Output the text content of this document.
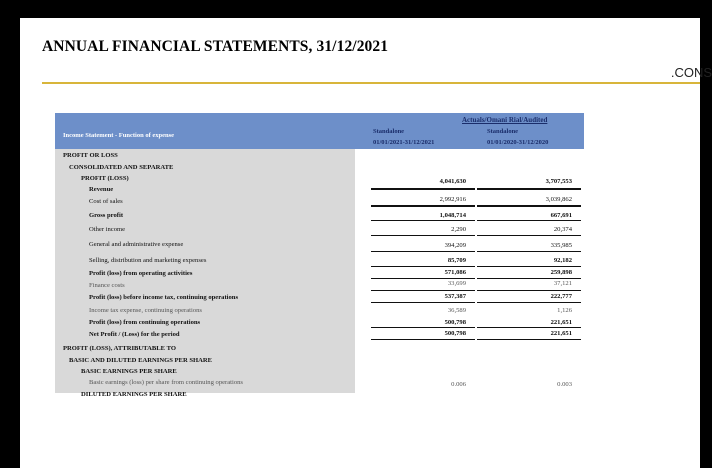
ANNUAL FINANCIAL STATEMENTS, 31/12/2021
.CONS
Income Statement - Function of expense
Actuals/Omani Rial/Audited
Standalone
01/01/2021-31/12/2021
Standalone
01/01/2020-31/12/2020
PROFIT OR LOSS
CONSOLIDATED AND SEPARATE
PROFIT (LOSS)
Revenue
Cost of sales
Gross profit
Other income
General and administrative expense
Selling, distribution and marketing expenses
Profit (loss) from operating activities
Finance costs
Profit (loss) before income tax, continuing operations
Income tax expense, continuing operations
Profit (loss) from continuing operations
Net Profit / (Loss) for the period
PROFIT (LOSS), ATTRIBUTABLE TO
BASIC AND DILUTED EARNINGS PER SHARE
BASIC EARNINGS PER SHARE
Basic earnings (loss) per share from continuing operations
DILUTED EARNINGS PER SHARE
4,041,630
2,992,916
1,048,714
2,290
394,209
85,709
571,086
33,699
537,387
36,589
500,798
500,798
0.006
3,707,553
3,039,862
667,691
20,374
335,985
92,182
259,898
37,121
222,777
1,126
221,651
221,651
0.003
